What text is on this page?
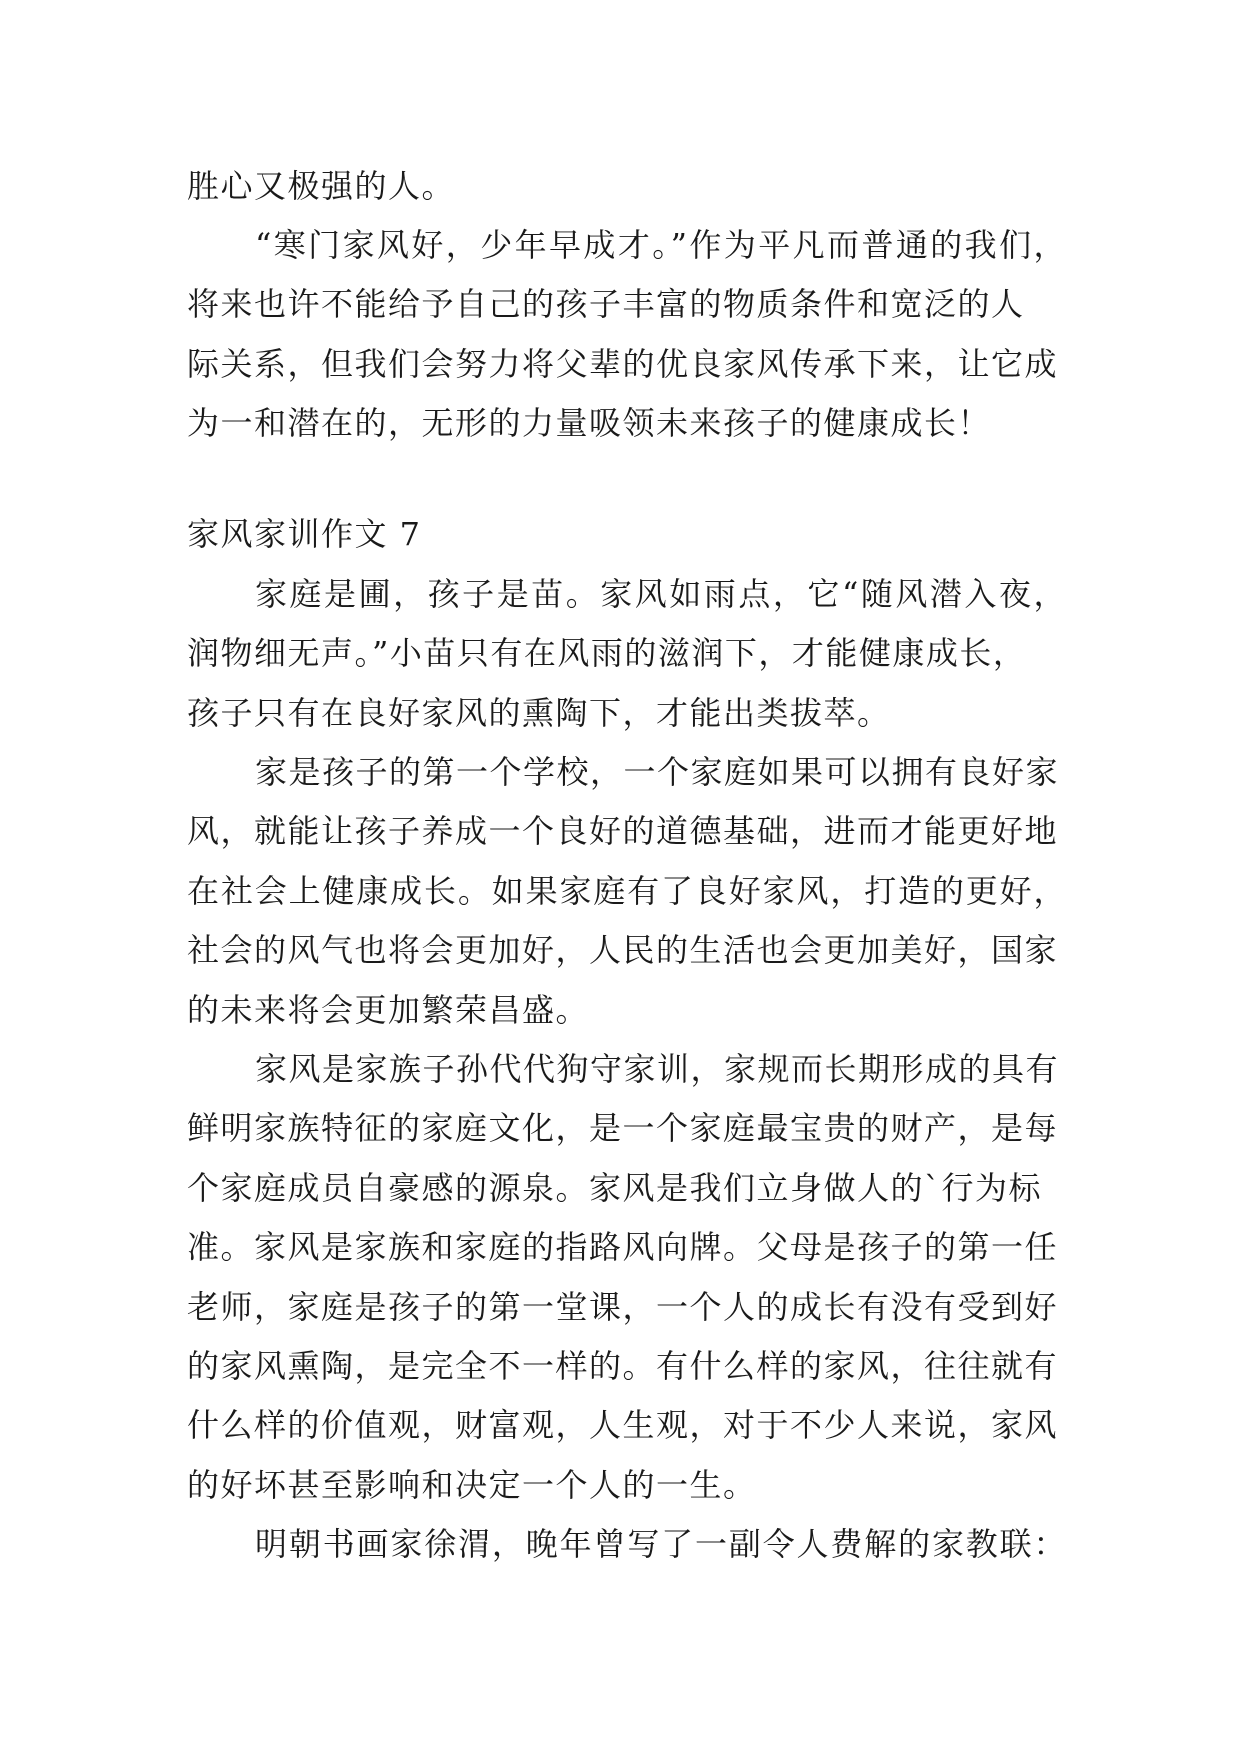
胜心又极强的人。
“寒门家风好，少年早成才。”作为平凡而普通的我们，
将来也许不能给予自己的孩子丰富的物质条件和宽泛的人
际关系，但我们会努力将父辈的优良家风传承下来，让它成
为一和潜在的，无形的力量吸领未来孩子的健康成长！
家风家训作文 7
家庭是圃，孩子是苗。家风如雨点，它“随风潜入夜，
润物细无声。”小苗只有在风雨的滋润下，才能健康成长，
孩子只有在良好家风的熏陶下，才能出类拔萃。
家是孩子的第一个学校，一个家庭如果可以拥有良好家
风，就能让孩子养成一个良好的道德基础，进而才能更好地
在社会上健康成长。如果家庭有了良好家风，打造的更好，
社会的风气也将会更加好，人民的生活也会更加美好，国家
的未来将会更加繁荣昌盛。
家风是家族子孙代代狗守家训，家规而长期形成的具有
鲜明家族特征的家庭文化，是一个家庭最宝贵的财产，是每
个家庭成员自豪感的源泉。家风是我们立身做人的`行为标
准。家风是家族和家庭的指路风向牌。父母是孩子的第一任
老师，家庭是孩子的第一堂课，一个人的成长有没有受到好
的家风熏陶，是完全不一样的。有什么样的家风，往往就有
什么样的价值观，财富观，人生观，对于不少人来说，家风
的好坏甚至影响和决定一个人的一生。
明朝书画家徐渭，晚年曾写了一副令人费解的家教联：
